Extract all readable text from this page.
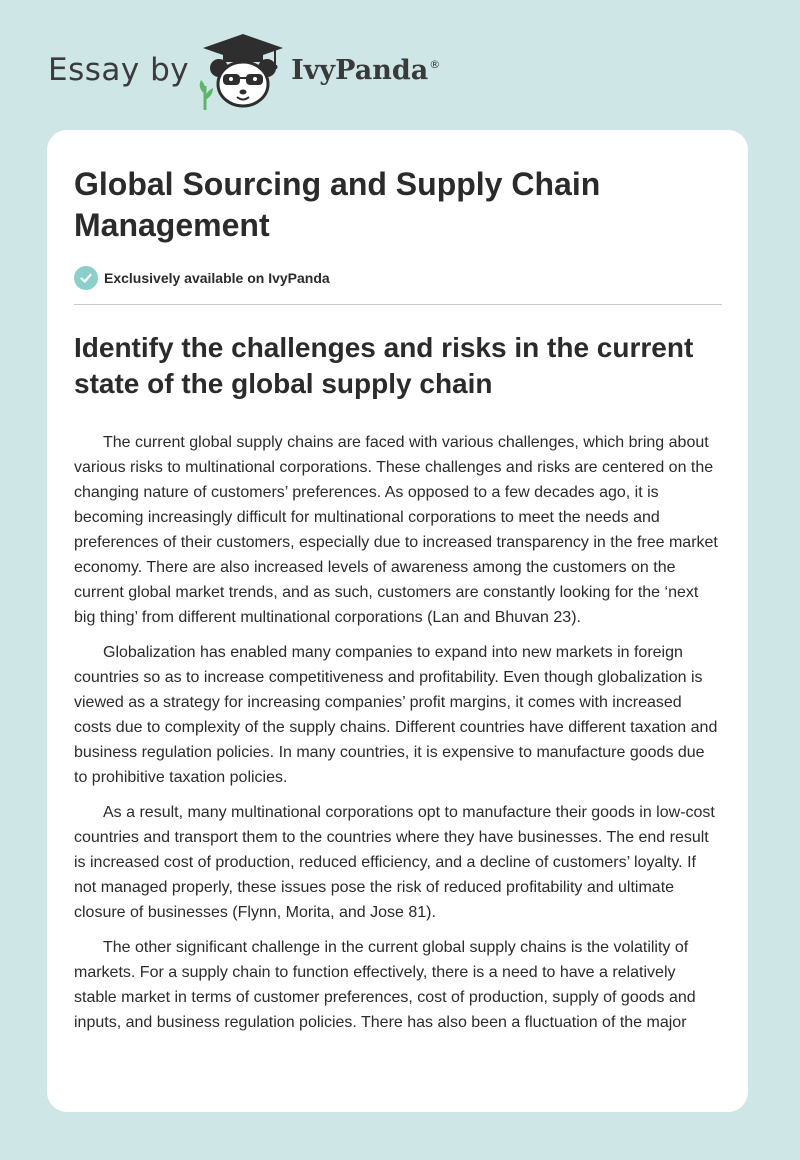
Essay by	IvyPanda ®
Global Sourcing and Supply Chain Management
Exclusively available on IvyPanda
Identify the challenges and risks in the current state of the global supply chain

The current global supply chains are faced with various challenges, which bring about various risks to multinational corporations. These challenges and risks are centered on the changing nature of customers’ preferences. As opposed to a few decades ago, it is becoming increasingly difficult for multinational corporations to meet the needs and preferences of their customers, especially due to increased transparency in the free market economy. There are also increased levels of awareness among the customers on the current global market trends, and as such, customers are constantly looking for the ‘next big thing’ from different multinational corporations (Lan and Bhuvan 23).

Globalization has enabled many companies to expand into new markets in foreign countries so as to increase competitiveness and profitability. Even though globalization is viewed as a strategy for increasing companies’ profit margins, it comes with increased costs due to complexity of the supply chains. Different countries have different taxation and business regulation policies. In many countries, it is expensive to manufacture goods due to prohibitive taxation policies.

As a result, many multinational corporations opt to manufacture their goods in low-cost countries and transport them to the countries where they have businesses. The end result is increased cost of production, reduced efficiency, and a decline of customers’ loyalty. If not managed properly, these issues pose the risk of reduced profitability and ultimate closure of businesses (Flynn, Morita, and Jose 81).

The other significant challenge in the current global supply chains is the volatility of markets. For a supply chain to function effectively, there is a need to have a relatively stable market in terms of customer preferences, cost of production, supply of goods and inputs, and business regulation policies. There has also been a fluctuation of the major
